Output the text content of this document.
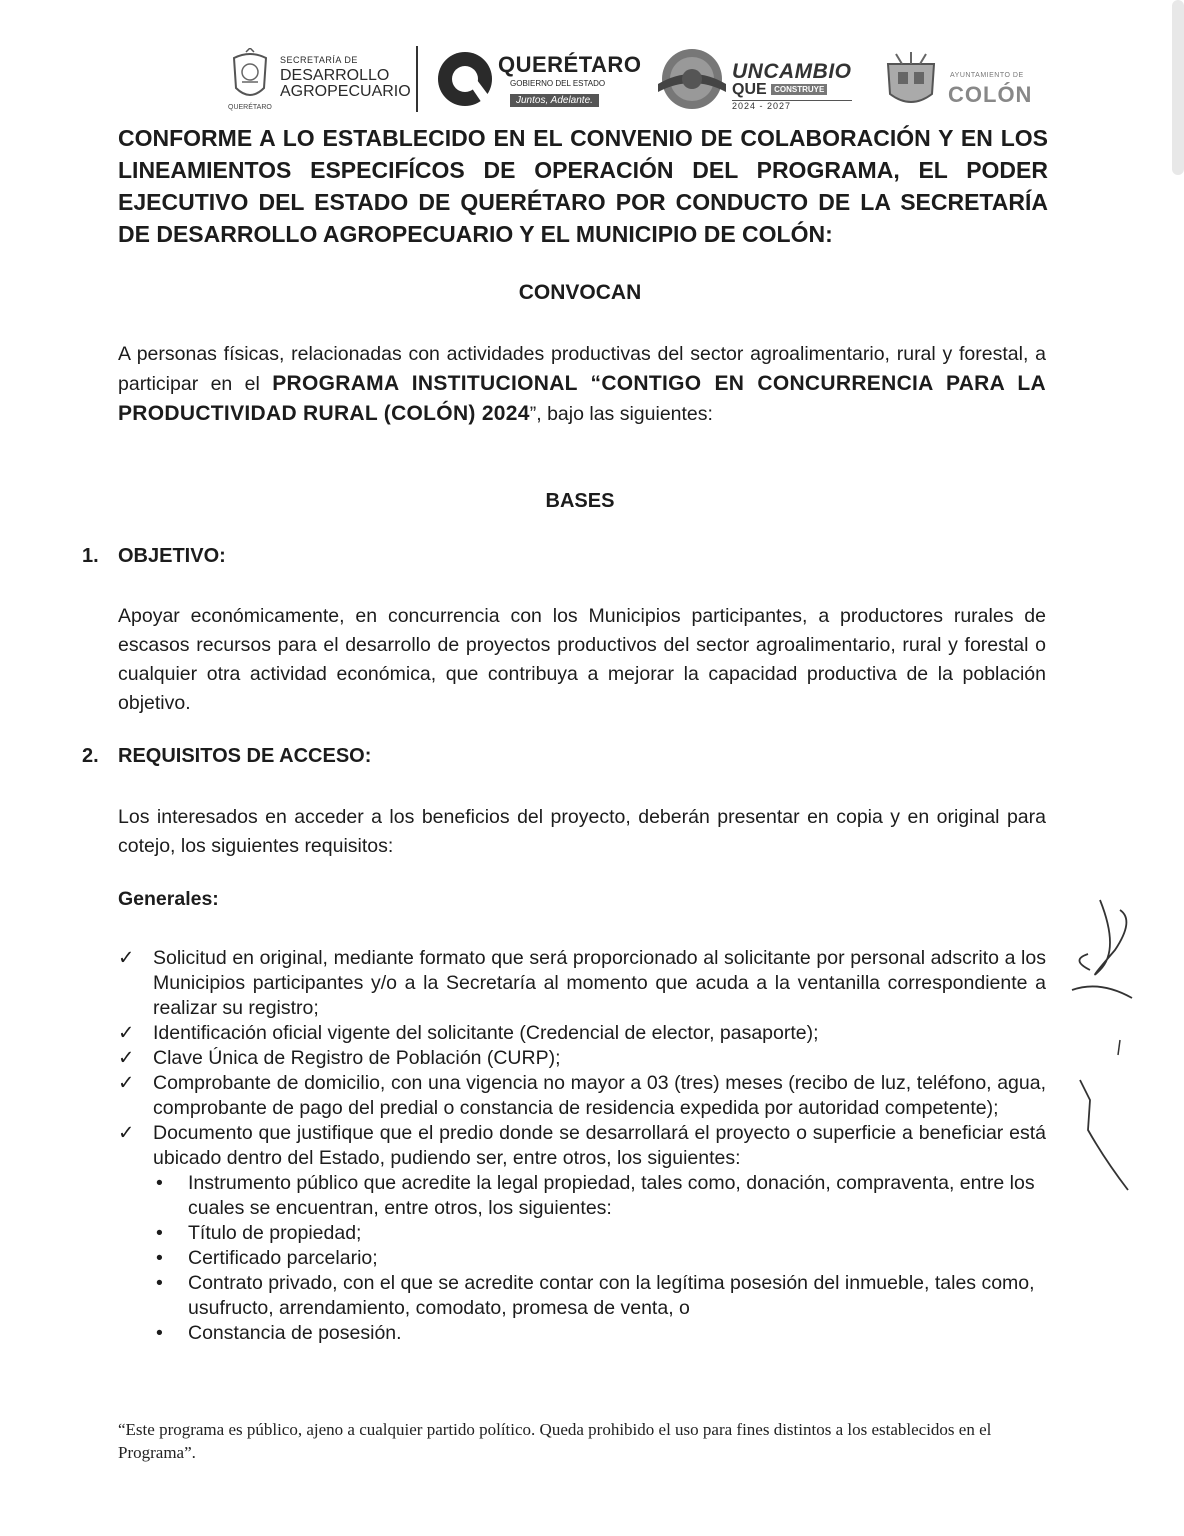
SECRETARÍA DE
DESARROLLO
AGROPECUARIO
QUERÉTARO
QUERÉTARO
GOBIERNO DEL ESTADO
Juntos, Adelante.
UNCAMBIO
QUE CONSTRUYE
2024 - 2027
AYUNTAMIENTO DE
COLÓN
CONFORME A LO ESTABLECIDO EN EL CONVENIO DE COLABORACIÓN Y EN LOS LINEAMIENTOS ESPECIFÍCOS DE OPERACIÓN DEL PROGRAMA, EL PODER EJECUTIVO DEL ESTADO DE QUERÉTARO POR CONDUCTO DE LA SECRETARÍA DE DESARROLLO AGROPECUARIO Y EL MUNICIPIO DE COLÓN:
CONVOCAN
A personas físicas, relacionadas con actividades productivas del sector agroalimentario, rural y forestal, a participar en el PROGRAMA INSTITUCIONAL “CONTIGO EN CONCURRENCIA PARA LA PRODUCTIVIDAD RURAL (COLÓN) 2024”, bajo las siguientes:
BASES
1. OBJETIVO:
Apoyar económicamente, en concurrencia con los Municipios participantes, a productores rurales de escasos recursos para el desarrollo de proyectos productivos del sector agroalimentario, rural y forestal o cualquier otra actividad económica, que contribuya a mejorar la capacidad productiva de la población objetivo.
2. REQUISITOS DE ACCESO:
Los interesados en acceder a los beneficios del proyecto, deberán presentar en copia y en original para cotejo, los siguientes requisitos:
Generales:
✓ Solicitud en original, mediante formato que será proporcionado al solicitante por personal adscrito a los Municipios participantes y/o a la Secretaría al momento que acuda a la ventanilla correspondiente a realizar su registro;
✓ Identificación oficial vigente del solicitante (Credencial de elector, pasaporte);
✓ Clave Única de Registro de Población (CURP);
✓ Comprobante de domicilio, con una vigencia no mayor a 03 (tres) meses (recibo de luz, teléfono, agua, comprobante de pago del predial o constancia de residencia expedida por autoridad competente);
✓ Documento que justifique que el predio donde se desarrollará el proyecto o superficie a beneficiar está ubicado dentro del Estado, pudiendo ser, entre otros, los siguientes:
• Instrumento público que acredite la legal propiedad, tales como, donación, compraventa, entre los cuales se encuentran, entre otros, los siguientes:
• Título de propiedad;
• Certificado parcelario;
• Contrato privado, con el que se acredite contar con la legítima posesión del inmueble, tales como, usufructo, arrendamiento, comodato, promesa de venta, o
• Constancia de posesión.
“Este programa es público, ajeno a cualquier partido político. Queda prohibido el uso para fines distintos a los establecidos en el Programa”.
